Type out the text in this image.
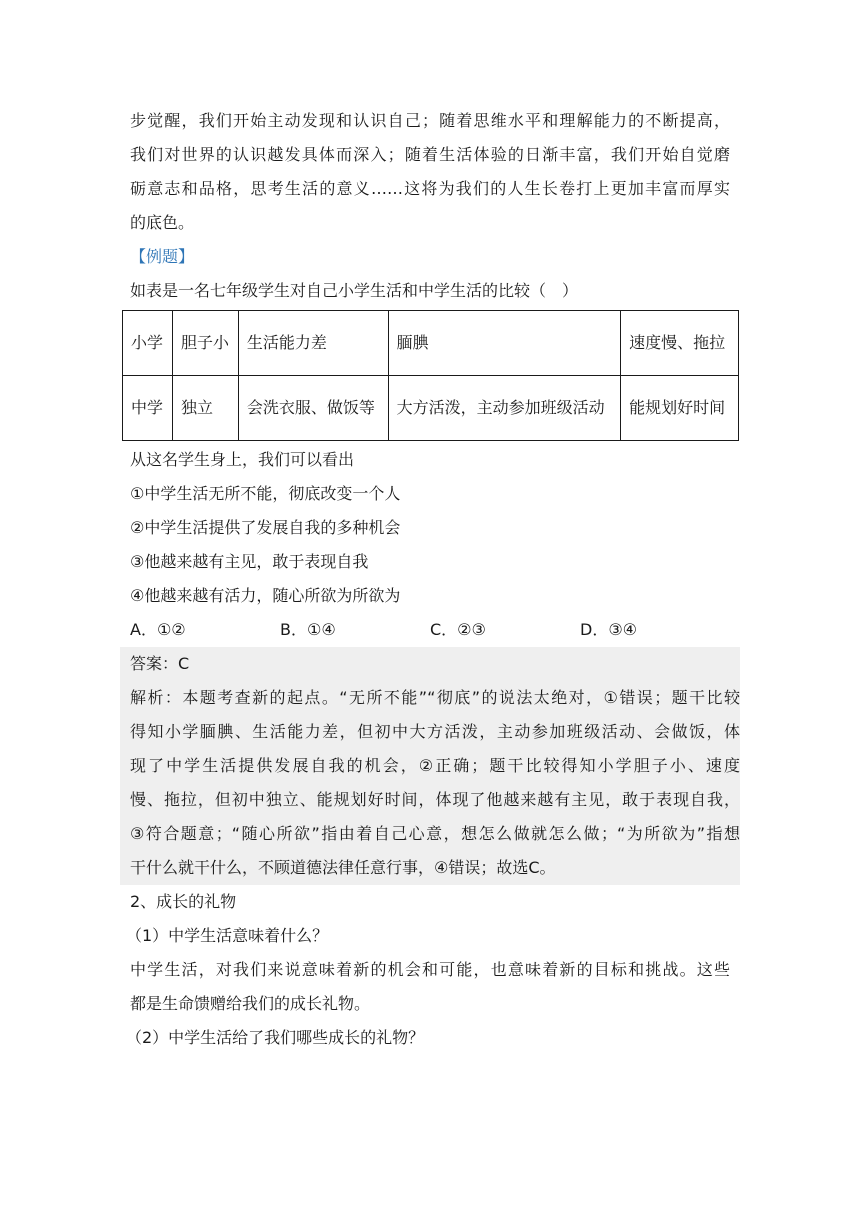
步觉醒，我们开始主动发现和认识自己；随着思维水平和理解能力的不断提高，
我们对世界的认识越发具体而深入；随着生活体验的日渐丰富，我们开始自觉磨
砺意志和品格，思考生活的意义……这将为我们的人生长卷打上更加丰富而厚实
的底色。
【例题】
如表是一名七年级学生对自己小学生活和中学生活的比较（　）
小学	胆子小	生活能力差	腼腆	速度慢、拖拉
中学	独立	会洗衣服、做饭等	大方活泼，主动参加班级活动	能规划好时间
从这名学生身上，我们可以看出
①中学生活无所不能，彻底改变一个人
②中学生活提供了发展自我的多种机会
③他越来越有主见，敢于表现自我
④他越来越有活力，随心所欲为所欲为
A．①②	B．①④	C．②③	D．③④
答案：C
解析：本题考查新的起点。“无所不能”“彻底”的说法太绝对，①错误；题干比较
得知小学腼腆、生活能力差，但初中大方活泼，主动参加班级活动、会做饭，体
现了中学生活提供发展自我的机会，②正确；题干比较得知小学胆子小、速度
慢、拖拉，但初中独立、能规划好时间，体现了他越来越有主见，敢于表现自我，
③符合题意；“随心所欲”指由着自己心意，想怎么做就怎么做；“为所欲为”指想
干什么就干什么，不顾道德法律任意行事，④错误；故选C。
2、成长的礼物
（1）中学生活意味着什么？
中学生活，对我们来说意味着新的机会和可能，也意味着新的目标和挑战。这些
都是生命馈赠给我们的成长礼物。
（2）中学生活给了我们哪些成长的礼物？
